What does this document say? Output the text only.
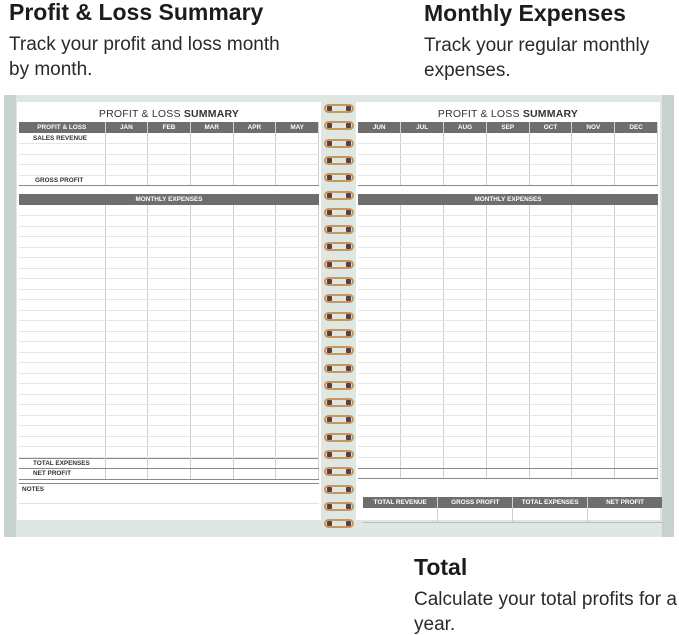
Profit & Loss Summary
Track your profit and loss month by month.
Monthly Expenses
Track your regular monthly expenses.
Total
Calculate your total profits for a year.
PROFIT & LOSS SUMMARY
PROFIT & LOSS	JAN	FEB	MAR	APR	MAY
SALES REVENUE					

GROSS PROFIT					
MONTHLY EXPENSES

TOTAL EXPENSES					
NET PROFIT					
NOTES
PROFIT & LOSS SUMMARY
JUN	JUL	AUG	SEP	OCT	NOV	DEC

MONTHLY EXPENSES

TOTAL REVENUE	GROSS PROFIT	TOTAL EXPENSES	NET PROFIT
